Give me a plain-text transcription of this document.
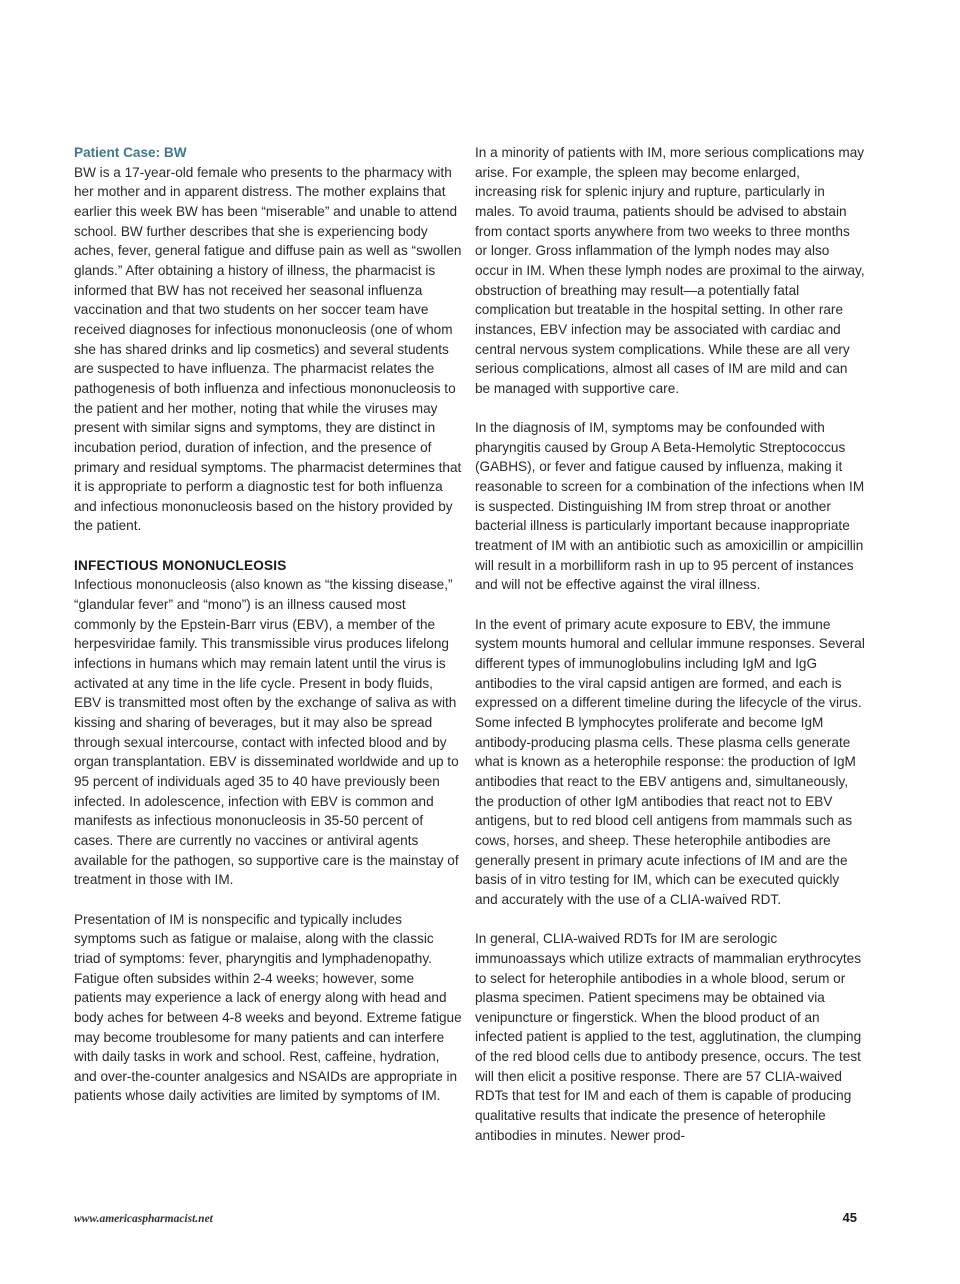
Patient Case: BW

BW is a 17-year-old female who presents to the pharmacy with her mother and in apparent distress. The mother explains that earlier this week BW has been “miserable” and unable to attend school. BW further describes that she is experiencing body aches, fever, general fatigue and diffuse pain as well as “swollen glands.” After obtaining a history of illness, the pharmacist is informed that BW has not received her seasonal influenza vaccination and that two students on her soccer team have received diagnoses for infectious mononucleosis (one of whom she has shared drinks and lip cosmetics) and several students are suspected to have influenza. The pharmacist relates the pathogenesis of both influenza and infectious mononucleosis to the patient and her mother, noting that while the viruses may present with similar signs and symptoms, they are distinct in incubation period, duration of infection, and the presence of primary and residual symptoms. The pharmacist determines that it is appropriate to perform a diagnostic test for both influenza and infectious mononucleosis based on the history provided by the patient.

INFECTIOUS MONONUCLEOSIS

Infectious mononucleosis (also known as “the kissing disease,” “glandular fever” and “mono”) is an illness caused most commonly by the Epstein-Barr virus (EBV), a member of the herpesviridae family. This transmissible virus produces lifelong infections in humans which may remain latent until the virus is activated at any time in the life cycle. Present in body fluids, EBV is transmitted most often by the exchange of saliva as with kissing and sharing of beverages, but it may also be spread through sexual intercourse, contact with infected blood and by organ transplantation. EBV is disseminated worldwide and up to 95 percent of individuals aged 35 to 40 have previously been infected. In adolescence, infection with EBV is common and manifests as infectious mononucleosis in 35-50 percent of cases. There are currently no vaccines or antiviral agents available for the pathogen, so supportive care is the mainstay of treatment in those with IM.

Presentation of IM is nonspecific and typically includes symptoms such as fatigue or malaise, along with the classic triad of symptoms: fever, pharyngitis and lymphadenopathy. Fatigue often subsides within 2-4 weeks; however, some patients may experience a lack of energy along with head and body aches for between 4-8 weeks and beyond. Extreme fatigue may become troublesome for many patients and can interfere with daily tasks in work and school. Rest, caffeine, hydration, and over-the-counter analgesics and NSAIDs are appropriate in patients whose daily activities are limited by symptoms of IM.

In a minority of patients with IM, more serious complications may arise. For example, the spleen may become enlarged, increasing risk for splenic injury and rupture, particularly in males. To avoid trauma, patients should be advised to abstain from contact sports anywhere from two weeks to three months or longer. Gross inflammation of the lymph nodes may also occur in IM. When these lymph nodes are proximal to the airway, obstruction of breathing may result—a potentially fatal complication but treatable in the hospital setting. In other rare instances, EBV infection may be associated with cardiac and central nervous system complications. While these are all very serious complications, almost all cases of IM are mild and can be managed with supportive care.

In the diagnosis of IM, symptoms may be confounded with pharyngitis caused by Group A Beta-Hemolytic Streptococcus (GABHS), or fever and fatigue caused by influenza, making it reasonable to screen for a combination of the infections when IM is suspected. Distinguishing IM from strep throat or another bacterial illness is particularly important because inappropriate treatment of IM with an antibiotic such as amoxicillin or ampicillin will result in a morbilliform rash in up to 95 percent of instances and will not be effective against the viral illness.

In the event of primary acute exposure to EBV, the immune system mounts humoral and cellular immune responses. Several different types of immunoglobulins including IgM and IgG antibodies to the viral capsid antigen are formed, and each is expressed on a different timeline during the lifecycle of the virus. Some infected B lymphocytes proliferate and become IgM antibody-producing plasma cells. These plasma cells generate what is known as a heterophile response: the production of IgM antibodies that react to the EBV antigens and, simultaneously, the production of other IgM antibodies that react not to EBV antigens, but to red blood cell antigens from mammals such as cows, horses, and sheep. These heterophile antibodies are generally present in primary acute infections of IM and are the basis of in vitro testing for IM, which can be executed quickly and accurately with the use of a CLIA-waived RDT.

In general, CLIA-waived RDTs for IM are serologic immunoassays which utilize extracts of mammalian erythrocytes to select for heterophile antibodies in a whole blood, serum or plasma specimen. Patient specimens may be obtained via venipuncture or fingerstick. When the blood product of an infected patient is applied to the test, agglutination, the clumping of the red blood cells due to antibody presence, occurs. The test will then elicit a positive response. There are 57 CLIA-waived RDTs that test for IM and each of them is capable of producing qualitative results that indicate the presence of heterophile antibodies in minutes. Newer prod-

www.americaspharmacist.net	45
